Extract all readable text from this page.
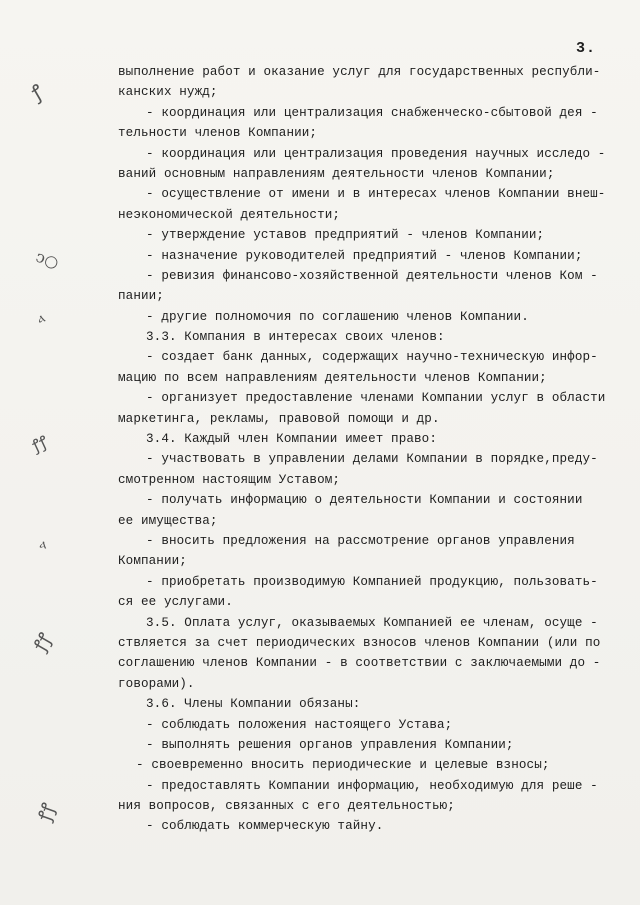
ꝭ
ↄ○
ⲁ
ꝭꝭ
ⲁ
ꝭꝭ
ꝭꝭ
3.
выполнение работ и оказание услуг для государственных республи-
канских нужд;
- координация или централизация снабженческо-сбытовой дея -
тельности членов Компании;
- координация или централизация проведения научных исследо -
ваний основным направлениям деятельности членов Компании;
- осуществление от имени и в интересах членов Компании внеш-
неэкономической деятельности;
- утверждение уставов предприятий - членов Компании;
- назначение руководителей предприятий - членов Компании;
- ревизия финансово-хозяйственной деятельности членов Ком -
пании;
- другие полномочия по соглашению членов Компании.
3.3. Компания в интересах своих членов:
- создает банк данных, содержащих научно-техническую инфор-
мацию по всем направлениям деятельности членов Компании;
- организует предоставление членами Компании услуг в области
маркетинга, рекламы, правовой помощи и др.
3.4. Каждый член Компании имеет право:
- участвовать в управлении делами Компании в порядке,преду-
смотренном настоящим Уставом;
- получать информацию о деятельности Компании и состоянии
ее имущества;
- вносить предложения на рассмотрение органов управления
Компании;
- приобретать производимую Компанией продукцию, пользовать-
ся ее услугами.
3.5. Оплата услуг, оказываемых Компанией ее членам, осуще -
ствляется за счет периодических взносов членов Компании (или по
соглашению членов Компании - в соответствии с заключаемыми до -
говорами).
3.6. Члены Компании обязаны:
- соблюдать положения настоящего Устава;
- выполнять решения органов управления Компании;
- своевременно вносить периодические и целевые взносы;
- предоставлять Компании информацию, необходимую для реше -
ния вопросов, связанных с его деятельностью;
- соблюдать коммерческую тайну.
